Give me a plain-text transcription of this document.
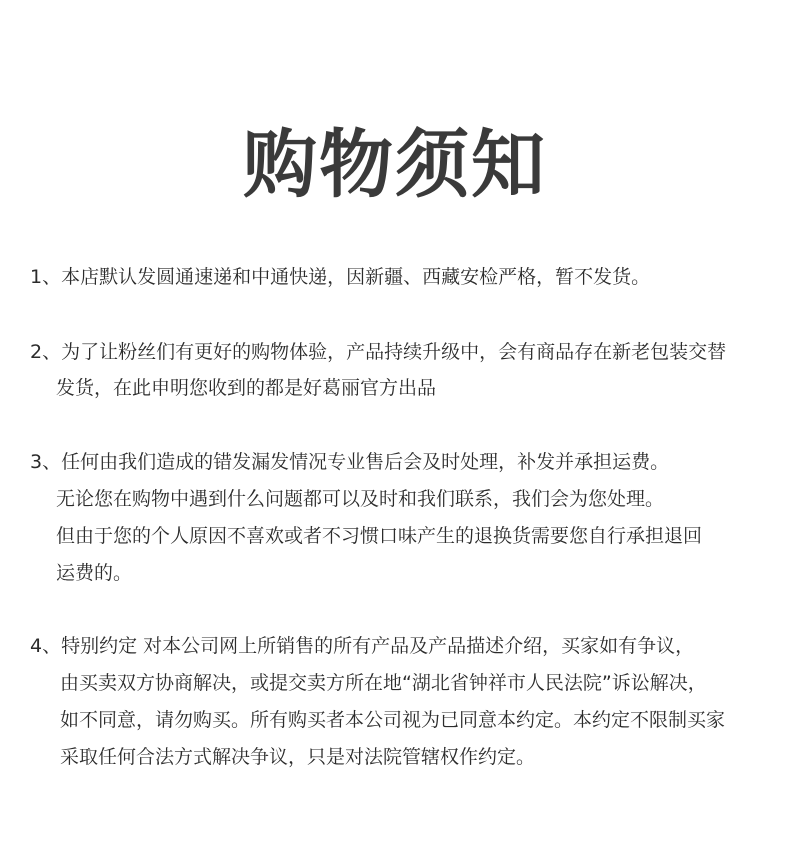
购物须知

1、本店默认发圆通速递和中通快递，因新疆、西藏安检严格，暂不发货。

2、为了让粉丝们有更好的购物体验，产品持续升级中，会有商品存在新老包装交替

发货，在此申明您收到的都是好葛丽官方出品

3、任何由我们造成的错发漏发情况专业售后会及时处理，补发并承担运费。

无论您在购物中遇到什么问题都可以及时和我们联系，我们会为您处理。

但由于您的个人原因不喜欢或者不习惯口味产生的退换货需要您自行承担退回

运费的。

4、特别约定 对本公司网上所销售的所有产品及产品描述介绍，买家如有争议，

由买卖双方协商解决，或提交卖方所在地“湖北省钟祥市人民法院”诉讼解决，

如不同意，请勿购买。所有购买者本公司视为已同意本约定。本约定不限制买家

采取任何合法方式解决争议，只是对法院管辖权作约定。
